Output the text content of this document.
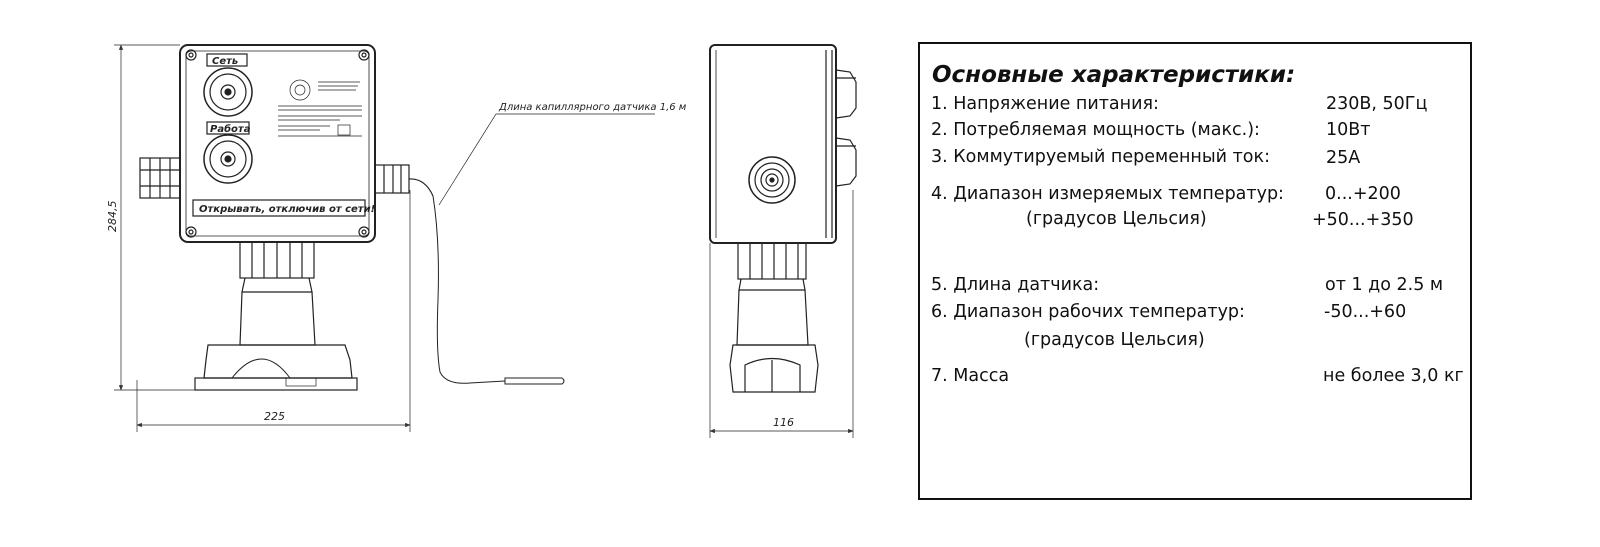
Сеть
Работа
Открывать, отключив от сети!
225
284,5
Длина капиллярного датчика 1,6 м
116
Основные характеристики:
1. Напряжение питания:	230В, 50Гц
2. Потребляемая мощность (макс.):	10Вт
3. Коммутируемый переменный ток:	25А
4. Диапазон измеряемых температур: 0...+200
(градусов Цельсия)	+50...+350
5. Длина датчика:	от 1 до 2.5 м
6. Диапазон рабочих температур:	-50...+60
(градусов Цельсия)
7. Масса	не более 3,0 кг
